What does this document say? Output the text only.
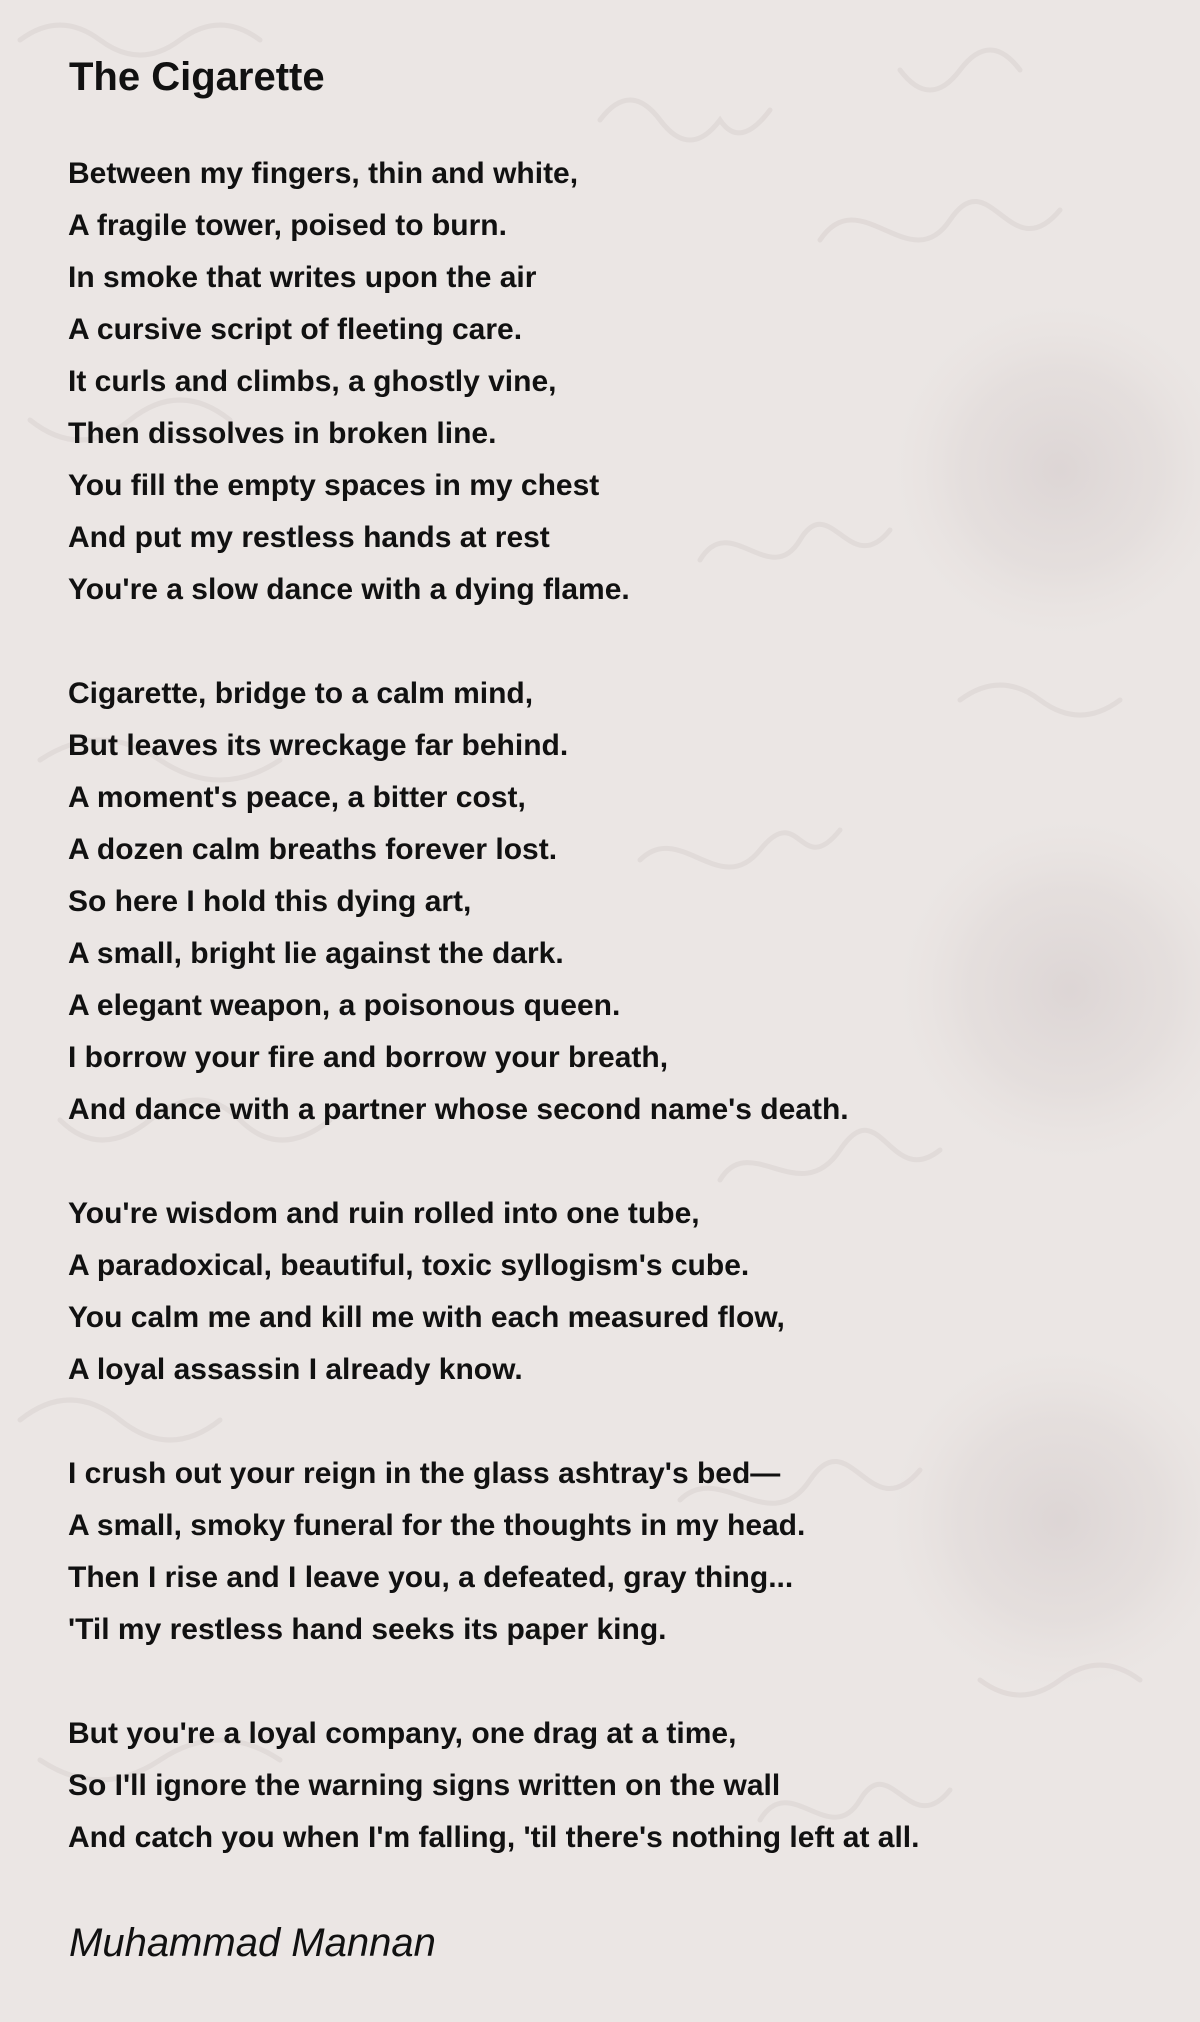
The Cigarette
Between my fingers, thin and white,
A fragile tower, poised to burn.
In smoke that writes upon the air
A cursive script of fleeting care.
It curls and climbs, a ghostly vine,
Then dissolves in broken line.
You fill the empty spaces in my chest
And put my restless hands at rest
You're a slow dance with a dying flame.
Cigarette, bridge to a calm mind,
But leaves its wreckage far behind.
A moment's peace, a bitter cost,
A dozen calm breaths forever lost.
So here I hold this dying art,
A small, bright lie against the dark.
A elegant weapon, a poisonous queen.
I borrow your fire and borrow your breath,
And dance with a partner whose second name's death.
You're wisdom and ruin rolled into one tube,
A paradoxical, beautiful, toxic syllogism's cube.
You calm me and kill me with each measured flow,
A loyal assassin I already know.
I crush out your reign in the glass ashtray's bed—
A small, smoky funeral for the thoughts in my head.
Then I rise and I leave you, a defeated, gray thing...
'Til my restless hand seeks its paper king.
But you're a loyal company, one drag at a time,
So I'll ignore the warning signs written on the wall
And catch you when I'm falling, 'til there's nothing left at all.
Muhammad Mannan
